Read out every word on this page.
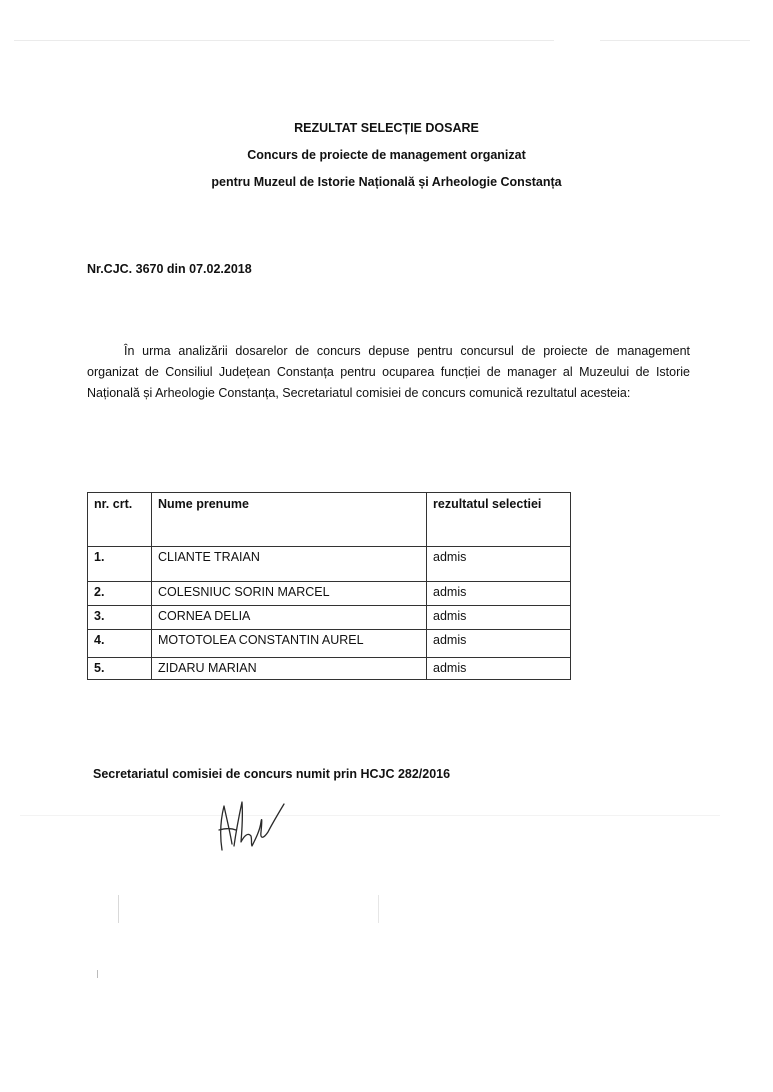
REZULTAT SELECȚIE DOSARE
Concurs de proiecte de management organizat
pentru Muzeul de Istorie Națională și Arheologie Constanța
Nr.CJC. 3670 din 07.02.2018

În urma analizării dosarelor de concurs depuse pentru concursul de proiecte de management organizat de Consiliul Județean Constanța pentru ocuparea funcției de manager al Muzeului de Istorie Națională și Arheologie Constanța, Secretariatul comisiei de concurs comunică rezultatul acesteia:

nr. crt.	Nume prenume	rezultatul selectiei
1.	CLIANTE TRAIAN	admis
2.	COLESNIUC SORIN MARCEL	admis
3.	CORNEA DELIA	admis
4.	MOTOTOLEA CONSTANTIN AUREL	admis
5.	ZIDARU MARIAN	admis
Secretariatul comisiei de concurs numit prin HCJC 282/2016
